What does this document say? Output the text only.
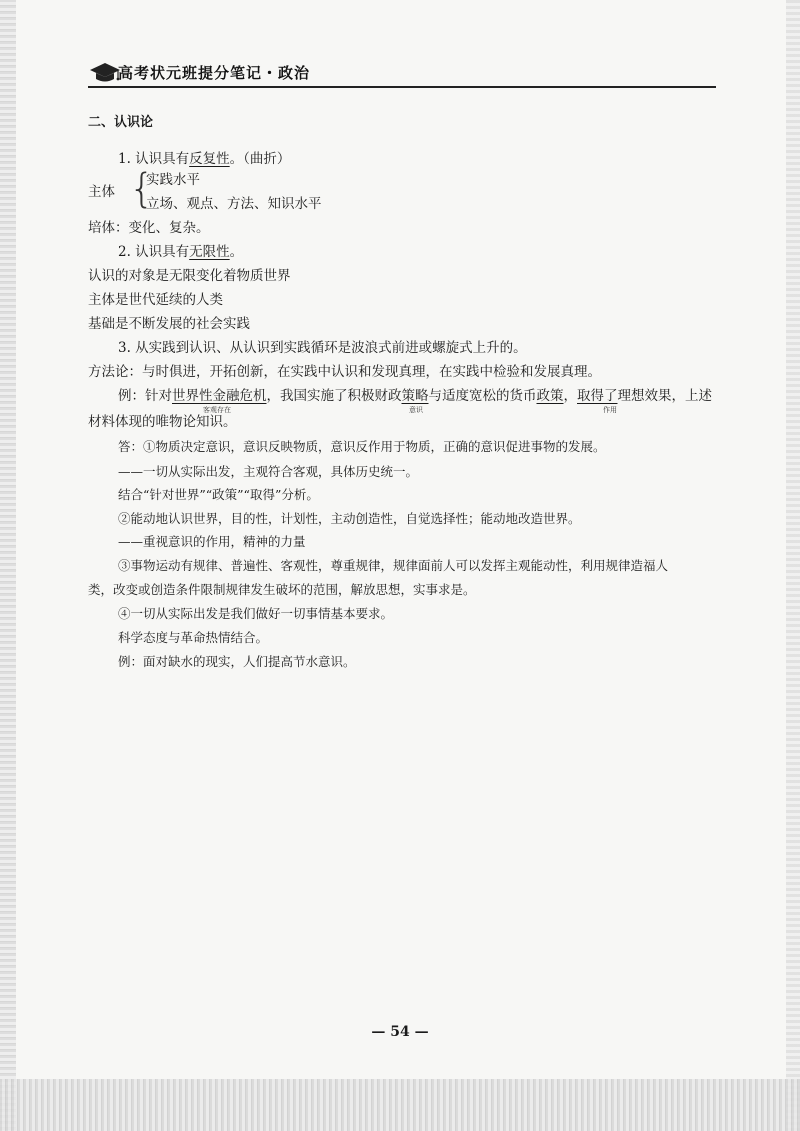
高考状元班提分笔记・政治
二、认识论
1. 认识具有反复性。（曲折）
主体 {
实践水平
立场、观点、方法、知识水平
培体：变化、复杂。
2. 认识具有无限性。
认识的对象是无限变化着物质世界
主体是世代延续的人类
基础是不断发展的社会实践
3. 从实践到认识、从认识到实践循环是波浪式前进或螺旋式上升的。
方法论：与时俱进，开拓创新，在实践中认识和发现真理，在实践中检验和发展真理。
例：针对世界性金融危机，我国实施了积极财政策略与适度宽松的货币政策，取得了理想效果，上述
客观存在	意识	作用
材料体现的唯物论知识。
答：①物质决定意识，意识反映物质，意识反作用于物质，正确的意识促进事物的发展。
——一切从实际出发，主观符合客观，具体历史统一。
结合“针对世界”“政策”“取得”分析。
②能动地认识世界，目的性，计划性，主动创造性，自觉选择性；能动地改造世界。
——重视意识的作用，精神的力量
③事物运动有规律、普遍性、客观性，尊重规律，规律面前人可以发挥主观能动性，利用规律造福人
类，改变或创造条件限制规律发生破坏的范围，解放思想，实事求是。
④一切从实际出发是我们做好一切事情基本要求。
科学态度与革命热情结合。
例：面对缺水的现实，人们提高节水意识。
— 54 —
